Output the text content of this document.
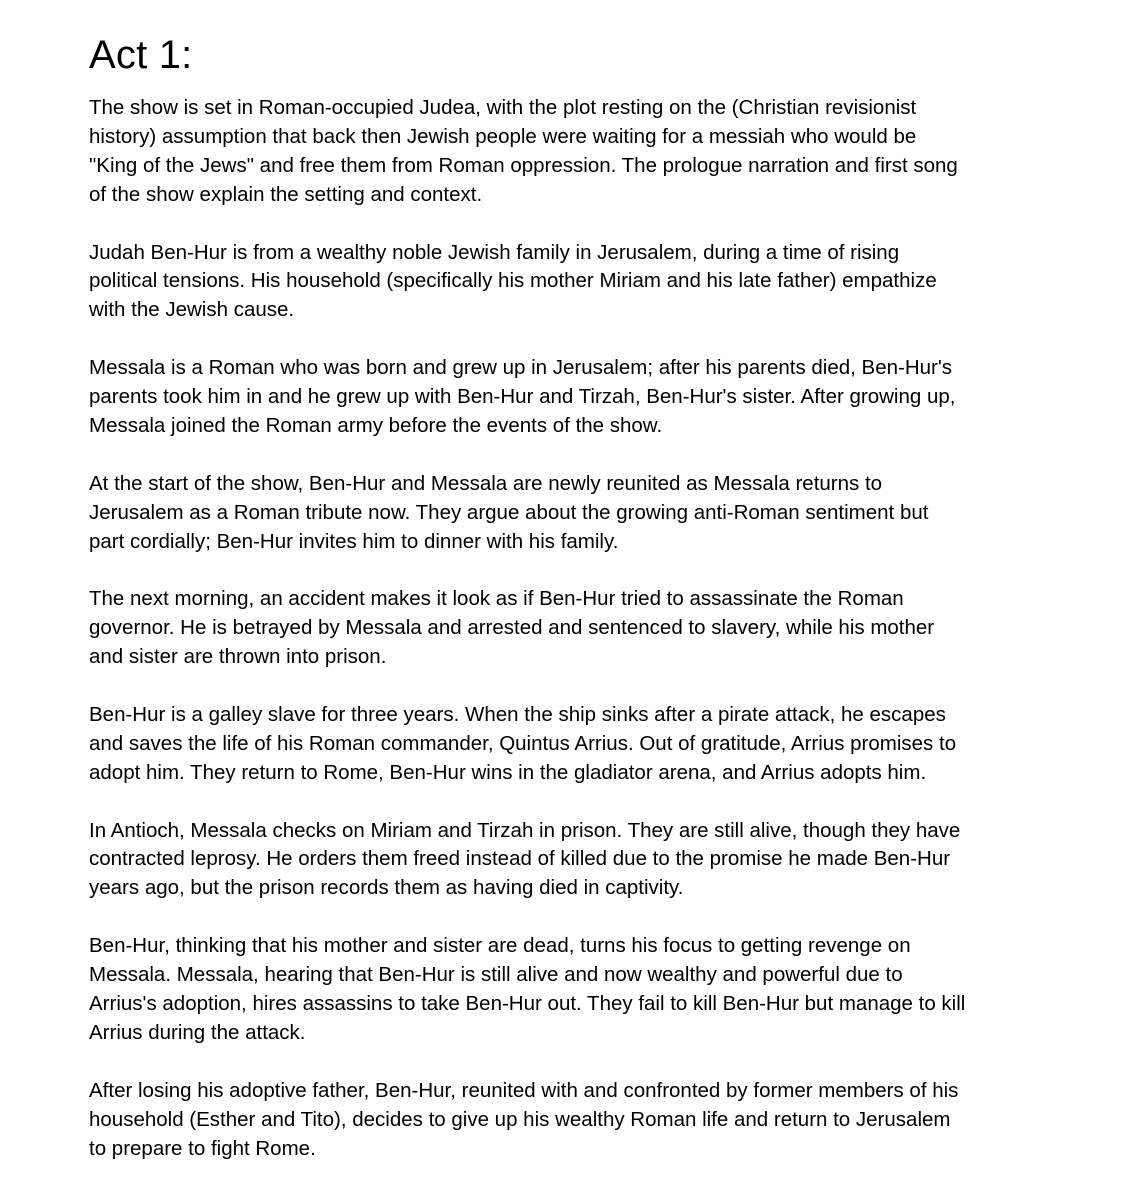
Act 1:

The show is set in Roman-occupied Judea, with the plot resting on the (Christian revisionist
history) assumption that back then Jewish people were waiting for a messiah who would be
"King of the Jews" and free them from Roman oppression. The prologue narration and first song
of the show explain the setting and context.

Judah Ben-Hur is from a wealthy noble Jewish family in Jerusalem, during a time of rising
political tensions. His household (specifically his mother Miriam and his late father) empathize
with the Jewish cause.

Messala is a Roman who was born and grew up in Jerusalem; after his parents died, Ben-Hur's
parents took him in and he grew up with Ben-Hur and Tirzah, Ben-Hur's sister. After growing up,
Messala joined the Roman army before the events of the show.

At the start of the show, Ben-Hur and Messala are newly reunited as Messala returns to
Jerusalem as a Roman tribute now. They argue about the growing anti-Roman sentiment but
part cordially; Ben-Hur invites him to dinner with his family.

The next morning, an accident makes it look as if Ben-Hur tried to assassinate the Roman
governor. He is betrayed by Messala and arrested and sentenced to slavery, while his mother
and sister are thrown into prison.

Ben-Hur is a galley slave for three years. When the ship sinks after a pirate attack, he escapes
and saves the life of his Roman commander, Quintus Arrius. Out of gratitude, Arrius promises to
adopt him. They return to Rome, Ben-Hur wins in the gladiator arena, and Arrius adopts him.

In Antioch, Messala checks on Miriam and Tirzah in prison. They are still alive, though they have
contracted leprosy. He orders them freed instead of killed due to the promise he made Ben-Hur
years ago, but the prison records them as having died in captivity.

Ben-Hur, thinking that his mother and sister are dead, turns his focus to getting revenge on
Messala. Messala, hearing that Ben-Hur is still alive and now wealthy and powerful due to
Arrius's adoption, hires assassins to take Ben-Hur out. They fail to kill Ben-Hur but manage to kill
Arrius during the attack.

After losing his adoptive father, Ben-Hur, reunited with and confronted by former members of his
household (Esther and Tito), decides to give up his wealthy Roman life and return to Jerusalem
to prepare to fight Rome.
